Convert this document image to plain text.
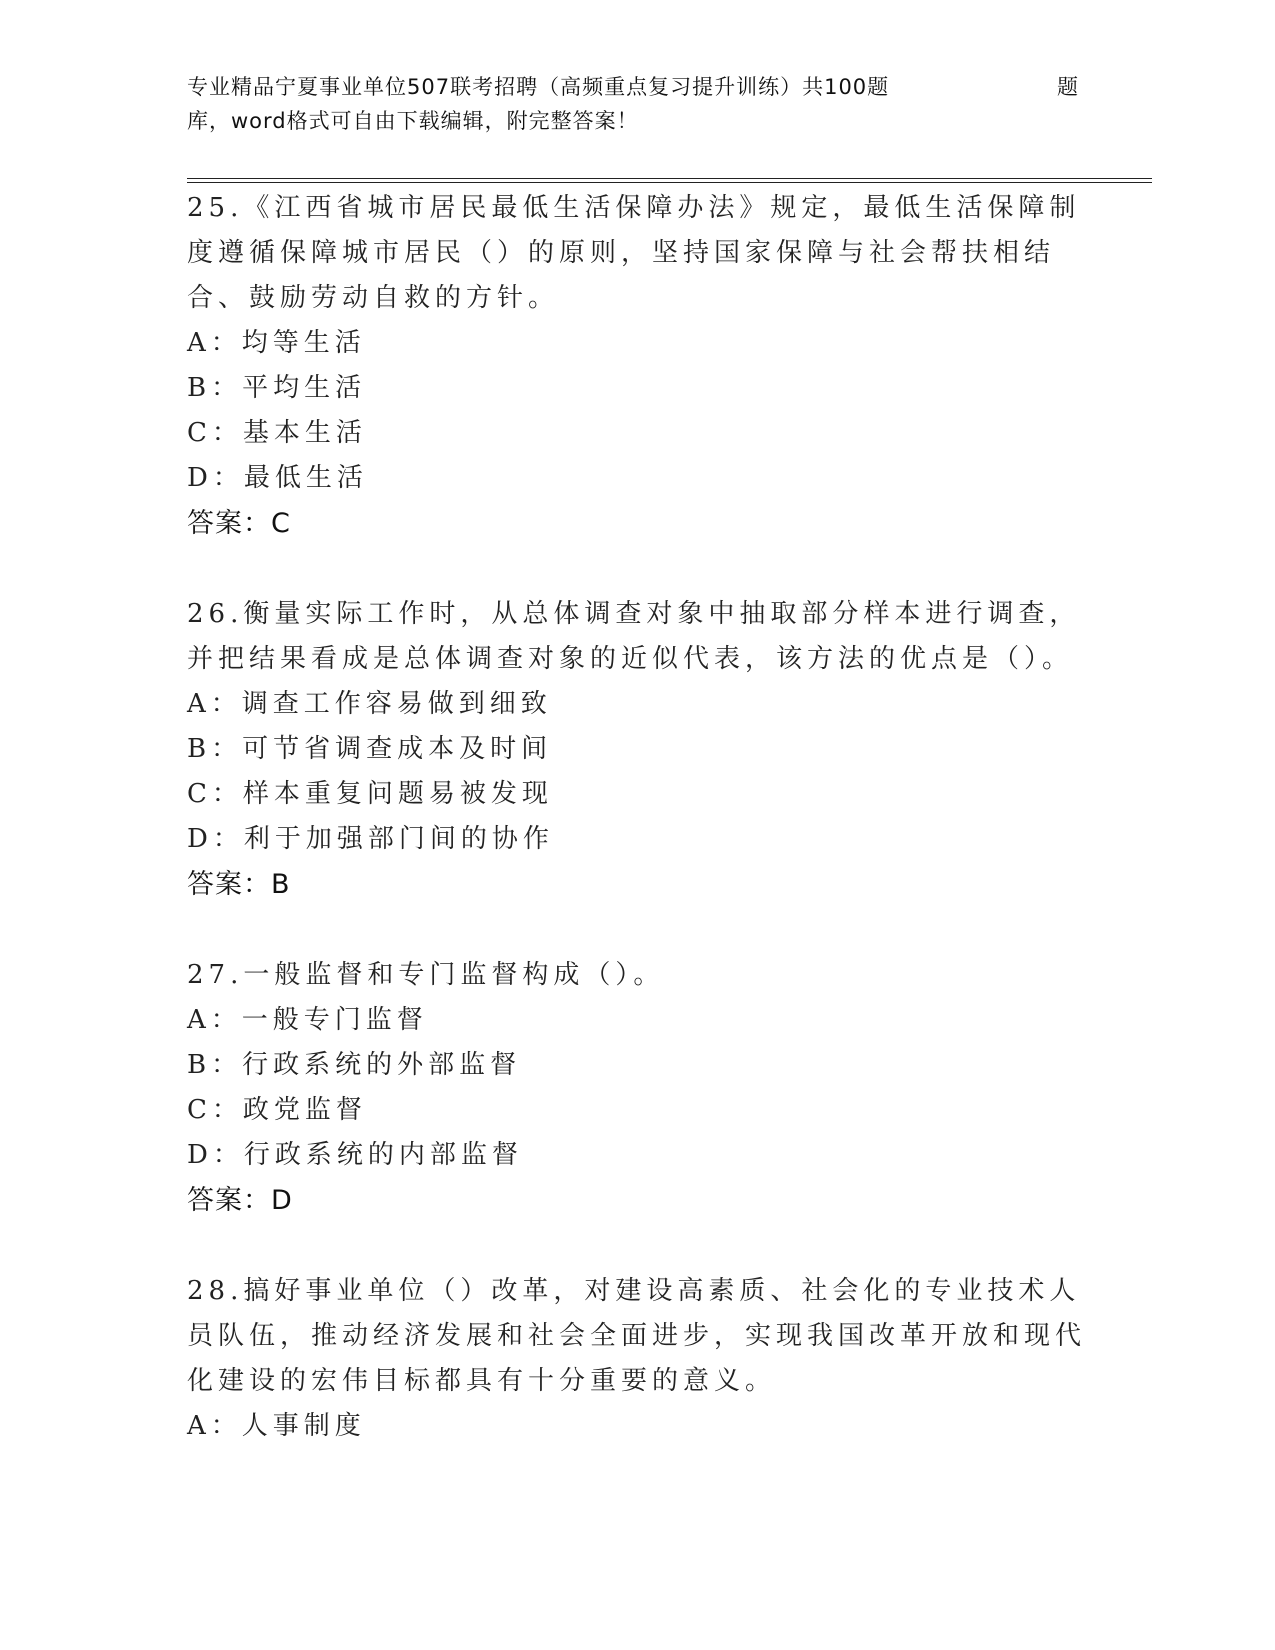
专业精品宁夏事业单位507联考招聘（高频重点复习提升训练）共100题	题
库，word格式可自由下载编辑，附完整答案！
25.《江西省城市居民最低生活保障办法》规定，最低生活保障制度遵循保障城市居民（）的原则，坚持国家保障与社会帮扶相结合、鼓励劳动自救的方针。
A：均等生活
B：平均生活
C：基本生活
D：最低生活
答案：C
26.衡量实际工作时，从总体调查对象中抽取部分样本进行调查，并把结果看成是总体调查对象的近似代表，该方法的优点是（）。
A：调查工作容易做到细致
B：可节省调查成本及时间
C：样本重复问题易被发现
D：利于加强部门间的协作
答案：B
27.一般监督和专门监督构成（）。
A：一般专门监督
B：行政系统的外部监督
C：政党监督
D：行政系统的内部监督
答案：D
28.搞好事业单位（）改革，对建设高素质、社会化的专业技术人员队伍，推动经济发展和社会全面进步，实现我国改革开放和现代化建设的宏伟目标都具有十分重要的意义。
A：人事制度
